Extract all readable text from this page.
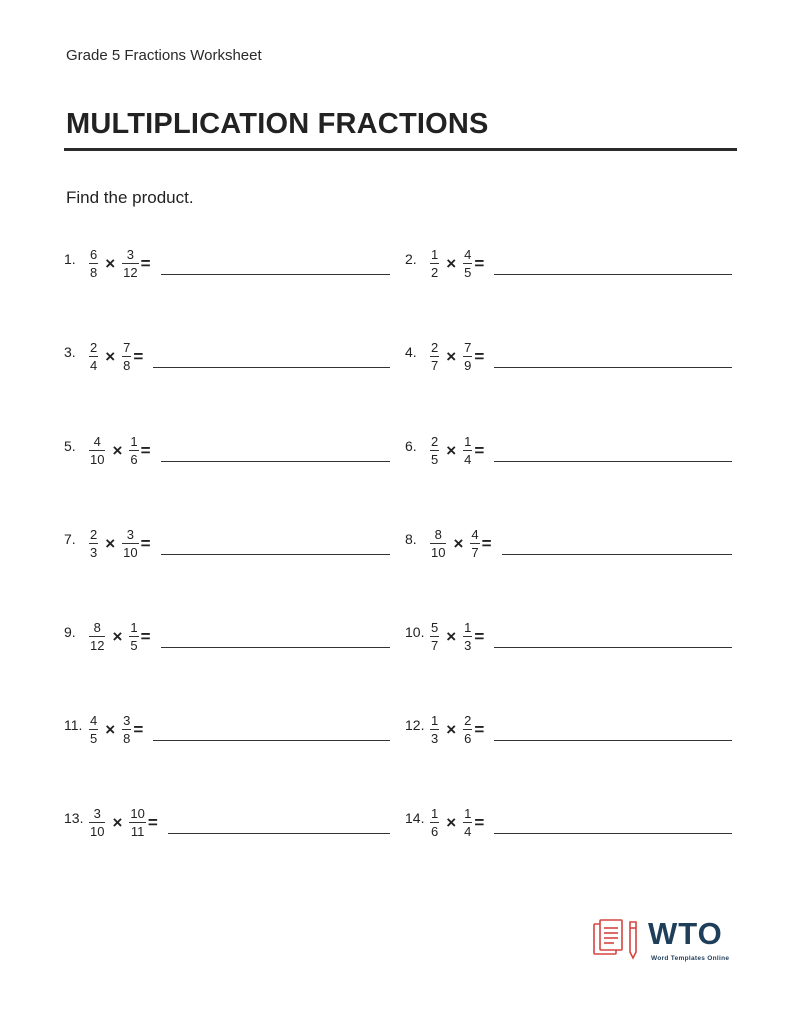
Grade 5 Fractions Worksheet
MULTIPLICATION FRACTIONS
Find the product.
1.	$\frac{6}{8} \times \frac{3}{12}$ =	2.	$\frac{1}{2} \times \frac{4}{5}$ =
3.	$\frac{2}{4} \times \frac{7}{8}$ =	4.	$\frac{2}{7} \times \frac{7}{9}$ =
5.	$\frac{4}{10} \times \frac{1}{6}$ =	6.	$\frac{2}{5} \times \frac{1}{4}$ =
7.	$\frac{2}{3} \times \frac{3}{10}$ =	8.	$\frac{8}{10} \times \frac{4}{7}$ =
9.	$\frac{8}{12} \times \frac{1}{5}$ =	10. $\frac{5}{7} \times \frac{1}{3}$ =
11. $\frac{4}{5} \times \frac{3}{8}$ =	12. $\frac{1}{3} \times \frac{2}{6}$ =
13. $\frac{3}{10} \times \frac{10}{11}$ =	14. $\frac{1}{6} \times \frac{1}{4}$ =
WTO
Word Templates Online
